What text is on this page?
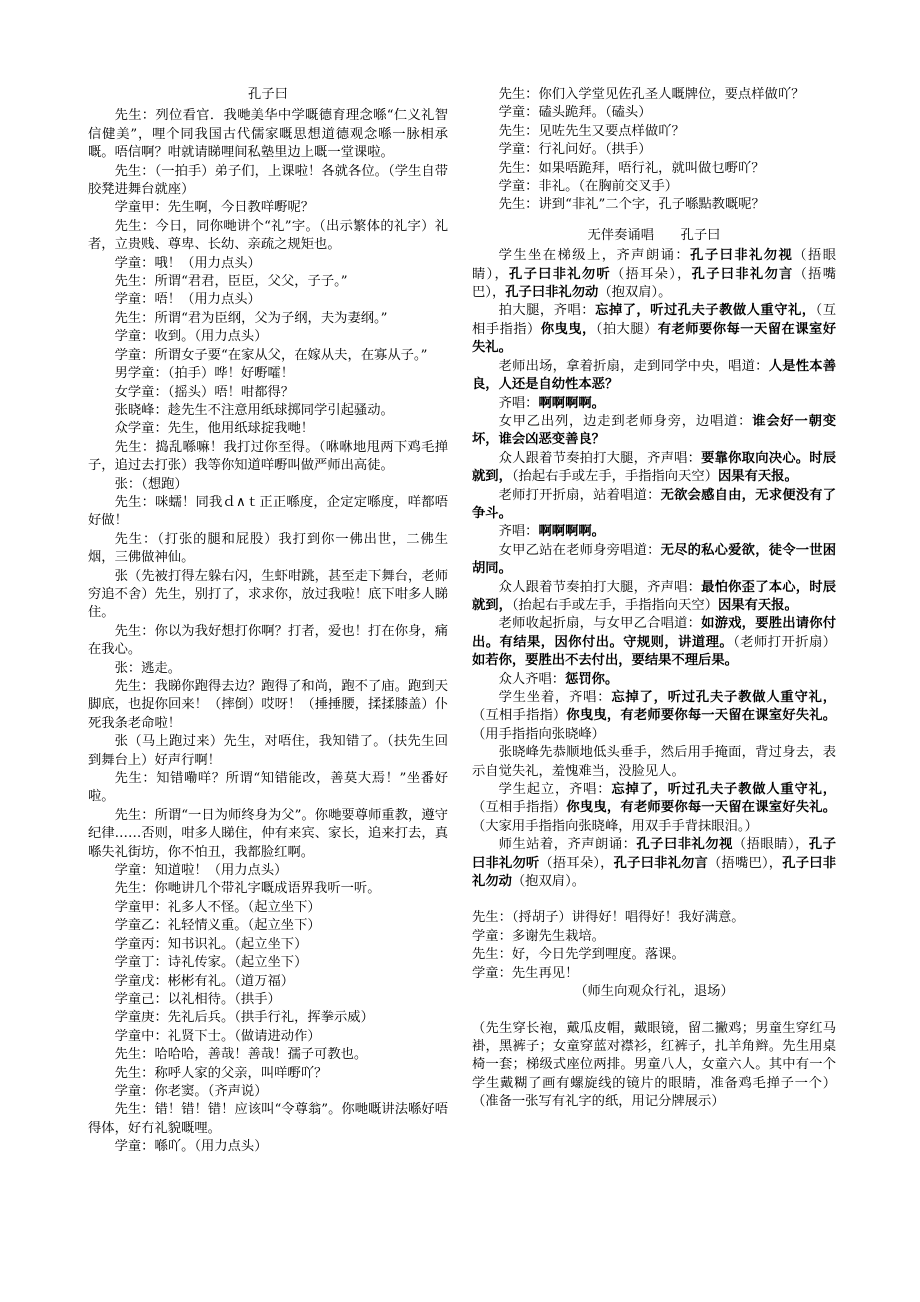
孔子曰

先生：列位看官．我哋美华中学嘅德育理念喺“仁义礼智信健美”，哩个同我国古代儒家嘅思想道德观念喺一脉相承嘅。唔信啊？咁就请睇哩间私塾里边上嘅一堂课啦。

先生：（一拍手）弟子们，上课啦！各就各位。（学生自带胶凳进舞台就座）

学童甲：先生啊，今日教咩嘢呢？

先生：今日，同你哋讲个“礼”字。（出示繁体的礼字）礼者，立贵贱、尊卑、长幼、亲疏之规矩也。

学童：哦！（用力点头）

先生：所谓“君君，臣臣，父父，子子。”

学童：唔！（用力点头）

先生：所谓“君为臣纲，父为子纲，夫为妻纲。”

学童：收到。（用力点头）

学童：所谓女子要“在家从父，在嫁从夫，在寡从子。”

男学童：（拍手）哗！好嘢嚯！

女学童：（摇头）唔！咁都得？

张晓峰：趁先生不注意用纸球掷同学引起骚动。

众学童：先生，他用纸球掟我哋！

先生：捣乱喺嘛！我打过你至得。（咻咻地甩两下鸡毛掸子，追过去打张）我等你知道咩嘢叫做严师出高徒。

张：（想跑）

先生：咪蠕！同我ｄ∧ｔ正正喺度，企定定喺度，咩都唔好做！

先生：（打张的腿和屁股）我打到你一佛出世，二佛生烟，三佛做神仙。

张（先被打得左躲右闪，生虾咁跳，甚至走下舞台，老师穷追不舍）先生，别打了，求求你，放过我啦！底下咁多人睇住。

先生：你以为我好想打你啊？打者，爱也！打在你身，痛在我心。

张：逃走。

先生：我睇你跑得去边？跑得了和尚，跑不了庙。跑到天脚底，也捉你回来！（摔倒）哎呀！（捶捶腰，揉揉膝盖）仆死我条老命啦！

张（马上跑过来）先生，对唔住，我知错了。（扶先生回到舞台上）好声行啊！

先生：知错嘞咩？所谓“知错能改，善莫大焉！”坐番好啦。

先生：所谓“一日为师终身为父”。你哋要尊师重教，遵守纪律……否则，咁多人睇住，仲有来宾、家长，追来打去，真喺失礼街坊，你不怕丑，我都脸红啊。

学童：知道啦！（用力点头）

先生：你哋讲几个带礼字嘅成语界我听一听。

学童甲：礼多人不怪。（起立坐下）

学童乙：礼轻情义重。（起立坐下）

学童丙：知书识礼。（起立坐下）

学童丁：诗礼传家。（起立坐下）

学童戊：彬彬有礼。（道万福）

学童己：以礼相待。（拱手）

学童庚：先礼后兵。（拱手行礼，挥拳示威）

学童中：礼贤下士。（做请进动作）

先生：哈哈哈，善哉！善哉！孺子可教也。

先生：称呼人家的父亲，叫咩嘢吖？

学童：你老窦。（齐声说）

先生：错！错！错！应该叫“令尊翁”。你哋嘅讲法喺好唔得体，好冇礼貌嘅哩。

学童：喺吖。（用力点头）

先生：你们入学堂见佐孔圣人嘅牌位，要点样做吖？

学童：磕头跪拜。（磕头）

先生：见咗先生又要点样做吖？

学童：行礼问好。（拱手）

先生：如果唔跪拜，唔行礼，就叫做乜嘢吖？

学童：非礼。（在胸前交叉手）

先生：讲到“非礼”二个字，孔子喺點教嘅呢？

无伴奏诵唱　　孔子曰

学生坐在梯级上，齐声朗诵：孔子曰非礼勿视（捂眼睛），孔子曰非礼勿听（捂耳朵），孔子曰非礼勿言（捂嘴巴），孔子曰非礼勿动（抱双肩）。

拍大腿，齐唱：忘掉了，听过孔夫子教做人重守礼，（互相手指指）你曳曳，（拍大腿）有老师要你每一天留在课室好失礼。

老师出场，拿着折扇，走到同学中央，唱道：人是性本善良，人还是自幼性本恶？

齐唱：啊啊啊啊。

女甲乙出列，边走到老师身旁，边唱道：谁会好一朝变坏，谁会凶恶变善良？

众人跟着节奏拍打大腿，齐声唱：要靠你取向决心。时辰就到，（抬起右手或左手，手指指向天空）因果有天报。

老师打开折扇，站着唱道：无欲会感自由，无求便没有了争斗。

齐唱：啊啊啊啊。

女甲乙站在老师身旁唱道：无尽的私心爱欲，徒令一世困胡同。

众人跟着节奏拍打大腿，齐声唱：最怕你歪了本心，时辰就到，（抬起右手或左手，手指指向天空）因果有天报。

老师收起折扇，与女甲乙合唱道：如游戏，要胜出请你付出。有结果，因你付出。守规则，讲道理。（老师打开折扇）如若你，要胜出不去付出，要结果不理后果。

众人齐唱：惩罚你。

学生坐着，齐唱：忘掉了，听过孔夫子教做人重守礼，（互相手指指）你曳曳，有老师要你每一天留在课室好失礼。（用手指指向张晓峰）

张晓峰先恭顺地低头垂手，然后用手掩面，背过身去，表示自觉失礼，羞愧难当，没脸见人。

学生起立，齐唱：忘掉了，听过孔夫子教做人重守礼，（互相手指指）你曳曳，有老师要你每一天留在课室好失礼。（大家用手指指向张晓峰，用双手手背抹眼泪。）

师生站着，齐声朗诵：孔子曰非礼勿视（捂眼睛），孔子曰非礼勿听（捂耳朵），孔子曰非礼勿言（捂嘴巴），孔子曰非礼勿动（抱双肩）。

先生：（捋胡子）讲得好！唱得好！我好满意。

学童：多谢先生栽培。

先生：好，今日先学到哩度。落课。

学童：先生再见！

（师生向观众行礼，退场）

（先生穿长袍，戴瓜皮帽，戴眼镜，留二撇鸡；男童生穿红马褂，黑裤子；女童穿蓝对襟衫，红裤子，扎羊角辫。先生用桌椅一套；梯级式座位两排。男童八人，女童六人。其中有一个学生戴糊了画有螺旋线的镜片的眼睛，准备鸡毛掸子一个）（准备一张写有礼字的纸，用记分牌展示）
